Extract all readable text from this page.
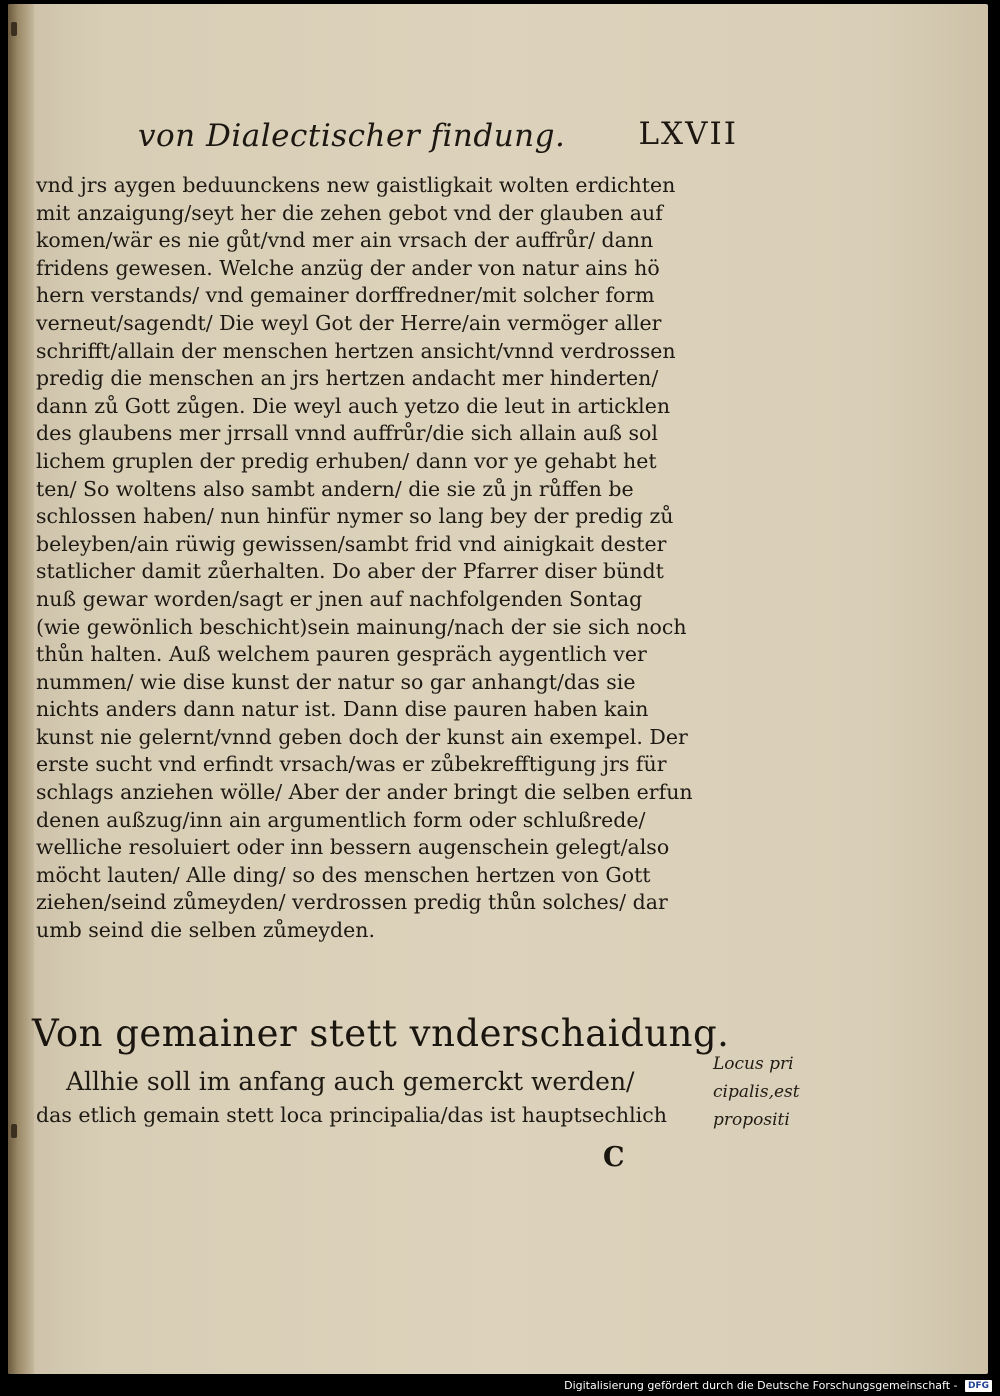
von Dialectischer findung. LXVII
vnd jrs aygen beduunckens new gaistligkait wolten erdichten
mit anzaigung/seyt her die zehen gebot vnd der glauben auf
komen/wär es nie gůt/vnd mer ain vrsach der auffrůr/ dann
fridens gewesen. Welche anzüg der ander von natur ains hö
hern verstands/ vnd gemainer dorffredner/mit solcher form
verneut/sagendt/ Die weyl Got der Herre/ain vermöger aller
schrifft/allain der menschen hertzen ansicht/vnnd verdrossen
predig die menschen an jrs hertzen andacht mer hinderten/
dann zů Gott zůgen. Die weyl auch yetzo die leut in articklen
des glaubens mer jrrsall vnnd auffrůr/die sich allain auß sol
lichem gruplen der predig erhuben/ dann vor ye gehabt het
ten/ So woltens also sambt andern/ die sie zů jn růffen be
schlossen haben/ nun hinfür nymer so lang bey der predig zů
beleyben/ain rüwig gewissen/sambt frid vnd ainigkait dester
statlicher damit zůerhalten. Do aber der Pfarrer diser bündt
nuß gewar worden/sagt er jnen auf nachfolgenden Sontag
(wie gewönlich beschicht)sein mainung/nach der sie sich noch
thůn halten. Auß welchem pauren gespräch aygentlich ver
nummen/ wie dise kunst der natur so gar anhangt/das sie
nichts anders dann natur ist. Dann dise pauren haben kain
kunst nie gelernt/vnnd geben doch der kunst ain exempel. Der
erste sucht vnd erfindt vrsach/was er zůbekrefftigung jrs für
schlags anziehen wölle/ Aber der ander bringt die selben erfun
denen außzug/inn ain argumentlich form oder schlußrede/
welliche resoluiert oder inn bessern augenschein gelegt/also
möcht lauten/ Alle ding/ so des menschen hertzen von Gott
ziehen/seind zůmeyden/ verdrossen predig thůn solches/ dar
umb seind die selben zůmeyden.
Von gemainer stett vnderschaidung.
Allhie soll im anfang auch gemerckt werden/
das etlich gemain stett loca principalia/das ist hauptsechlich
Locus pri
cipalis,est
propositi
C
Digitalisierung gefördert durch die Deutsche Forschungsgemeinschaft - DFG
